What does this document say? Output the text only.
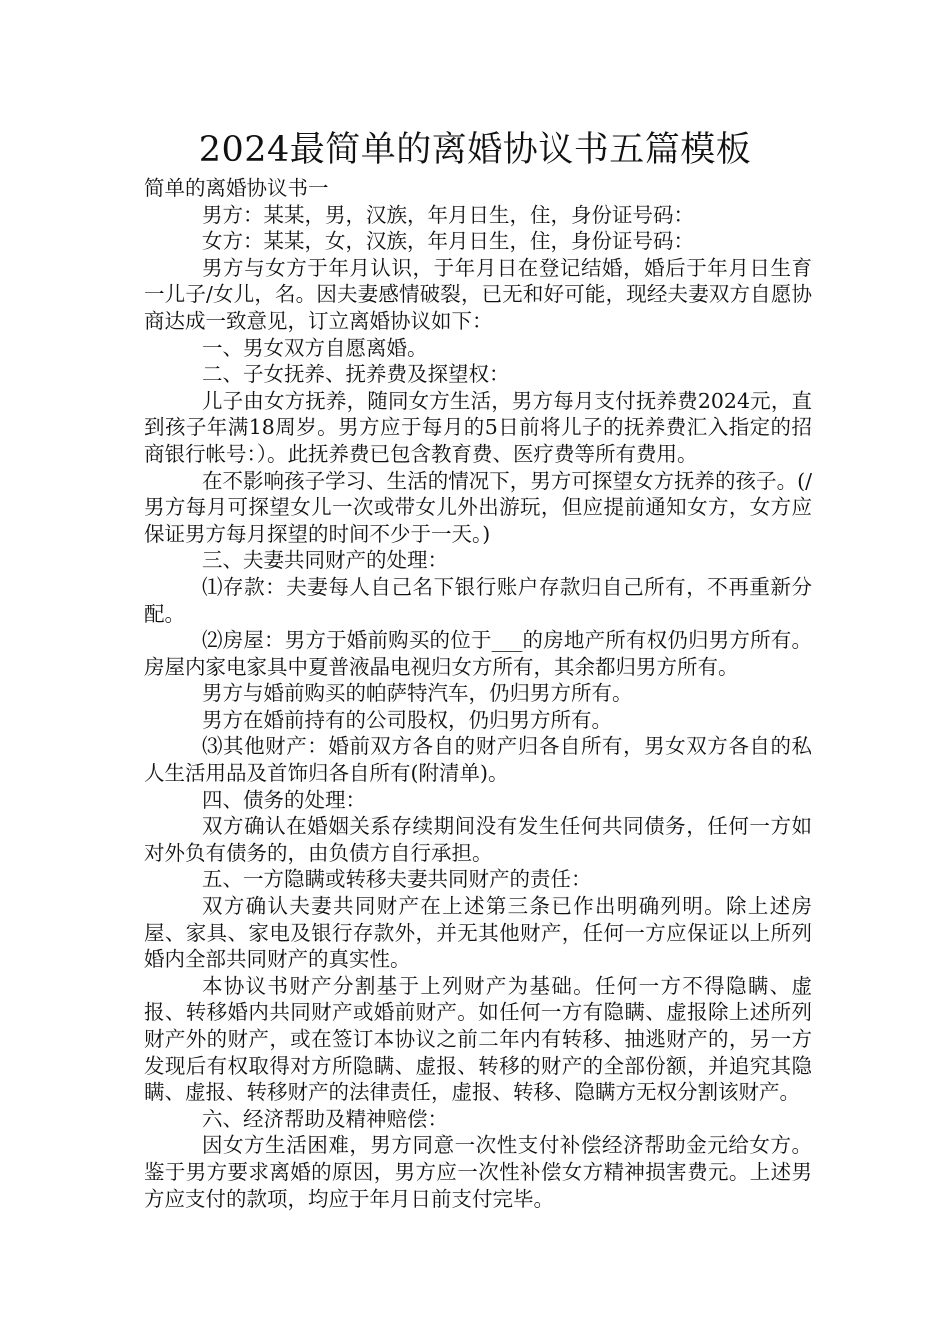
2024最简单的离婚协议书五篇模板

简单的离婚协议书一

男方：某某，男，汉族，年月日生，住，身份证号码：

女方：某某，女，汉族，年月日生，住，身份证号码：

男方与女方于年月认识，于年月日在登记结婚，婚后于年月日生育一儿子/女儿，名。因夫妻感情破裂，已无和好可能，现经夫妻双方自愿协商达成一致意见，订立离婚协议如下：

一、男女双方自愿离婚。

二、子女抚养、抚养费及探望权：

儿子由女方抚养，随同女方生活，男方每月支付抚养费2024元，直到孩子年满18周岁。男方应于每月的5日前将儿子的抚养费汇入指定的招商银行帐号：）。此抚养费已包含教育费、医疗费等所有费用。

在不影响孩子学习、生活的情况下，男方可探望女方抚养的孩子。(/男方每月可探望女儿一次或带女儿外出游玩，但应提前通知女方，女方应保证男方每月探望的时间不少于一天。)

三、夫妻共同财产的处理：

⑴存款：夫妻每人自己名下银行账户存款归自己所有，不再重新分配。

⑵房屋：男方于婚前购买的位于___的房地产所有权仍归男方所有。房屋内家电家具中夏普液晶电视归女方所有，其余都归男方所有。

男方与婚前购买的帕萨特汽车，仍归男方所有。

男方在婚前持有的公司股权，仍归男方所有。

⑶其他财产：婚前双方各自的财产归各自所有，男女双方各自的私人生活用品及首饰归各自所有(附清单)。

四、债务的处理：

双方确认在婚姻关系存续期间没有发生任何共同债务，任何一方如对外负有债务的，由负债方自行承担。

五、一方隐瞒或转移夫妻共同财产的责任：

双方确认夫妻共同财产在上述第三条已作出明确列明。除上述房屋、家具、家电及银行存款外，并无其他财产，任何一方应保证以上所列婚内全部共同财产的真实性。

本协议书财产分割基于上列财产为基础。任何一方不得隐瞒、虚报、转移婚内共同财产或婚前财产。如任何一方有隐瞒、虚报除上述所列财产外的财产，或在签订本协议之前二年内有转移、抽逃财产的，另一方发现后有权取得对方所隐瞒、虚报、转移的财产的全部份额，并追究其隐瞒、虚报、转移财产的法律责任，虚报、转移、隐瞒方无权分割该财产。

六、经济帮助及精神赔偿：

因女方生活困难，男方同意一次性支付补偿经济帮助金元给女方。鉴于男方要求离婚的原因，男方应一次性补偿女方精神损害费元。上述男方应支付的款项，均应于年月日前支付完毕。
